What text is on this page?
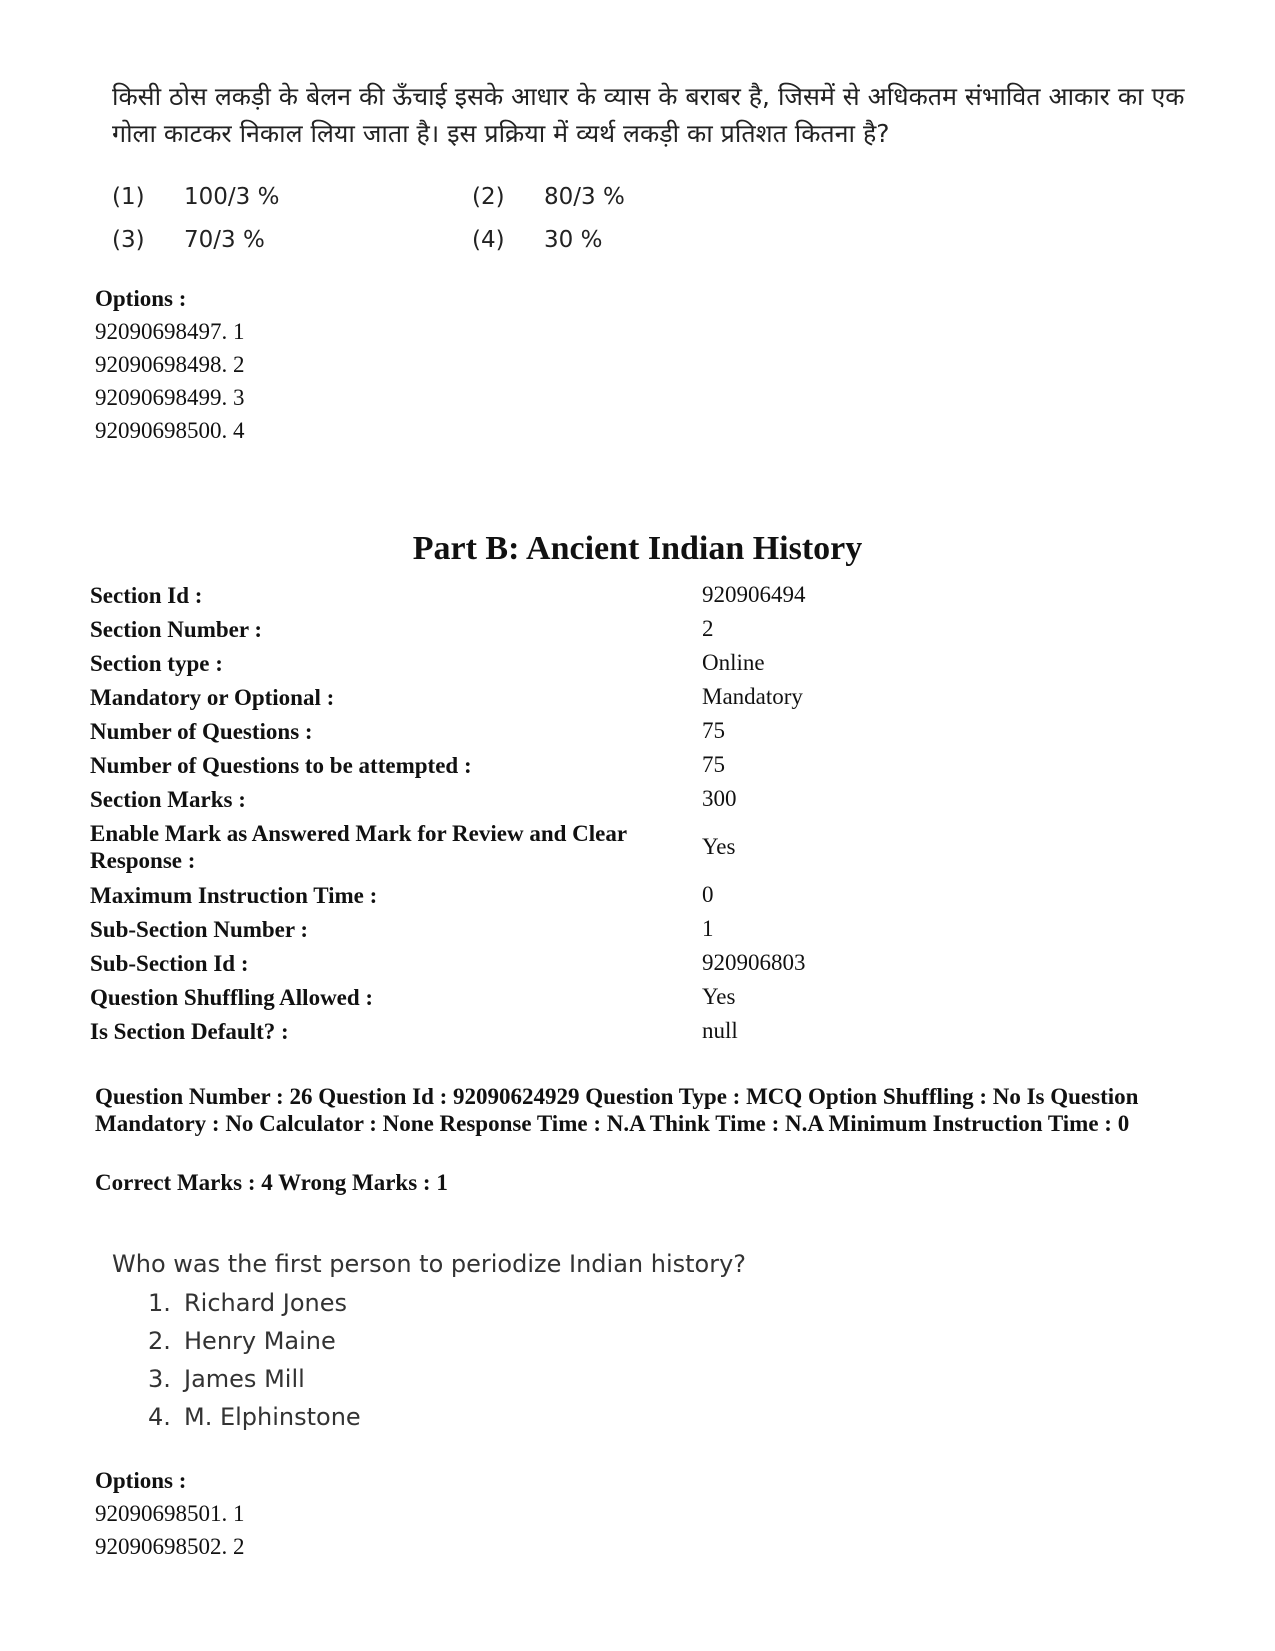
किसी ठोस लकड़ी के बेलन की ऊँचाई इसके आधार के व्यास के बराबर है, जिसमें से अधिकतम संभावित आकार का एक गोला काटकर निकाल लिया जाता है। इस प्रक्रिया में व्यर्थ लकड़ी का प्रतिशत कितना है?
(1)	100/3 %	(2)	80/3 %
(3)	70/3 %	(4)	30 %
Options :
92090698497. 1
92090698498. 2
92090698499. 3
92090698500. 4
Part B: Ancient Indian History
Section Id :	920906494
Section Number :	2
Section type :	Online
Mandatory or Optional :	Mandatory
Number of Questions :	75
Number of Questions to be attempted :	75
Section Marks :	300
Enable Mark as Answered Mark for Review and Clear Response :
Yes
Maximum Instruction Time :	0
Sub-Section Number :	1
Sub-Section Id :	920906803
Question Shuffling Allowed :	Yes
Is Section Default? :	null
Question Number : 26 Question Id : 92090624929 Question Type : MCQ Option Shuffling : No Is Question Mandatory : No Calculator : None Response Time : N.A Think Time : N.A Minimum Instruction Time : 0
Correct Marks : 4 Wrong Marks : 1
Who was the first person to periodize Indian history?
1. Richard Jones
2. Henry Maine
3. James Mill
4. M. Elphinstone
Options :
92090698501. 1
92090698502. 2
